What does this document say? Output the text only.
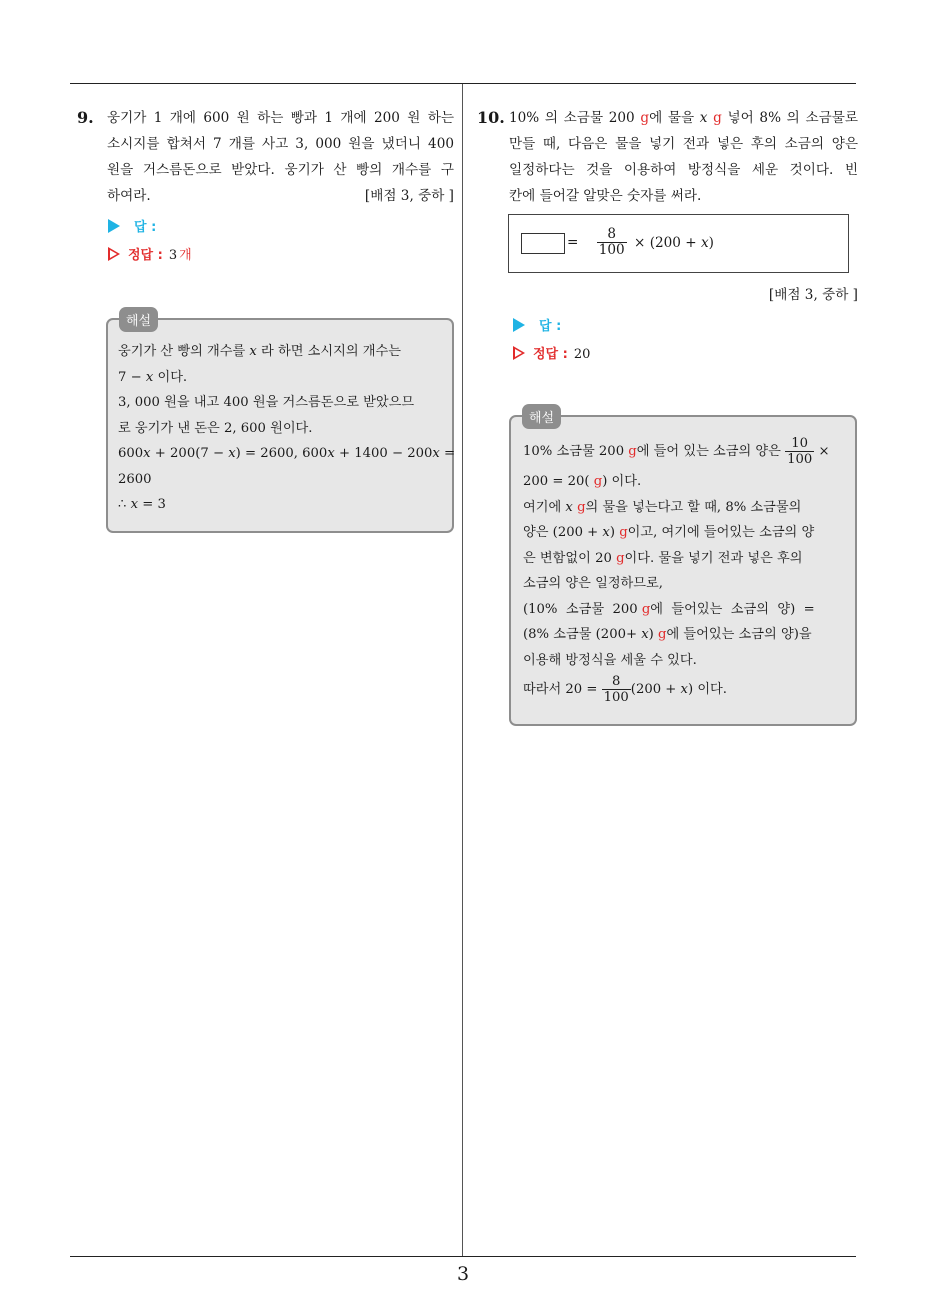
3
9. 웅기가 1 개에 600 원 하는 빵과 1 개에 200 원 하는
소시지를 합쳐서 7 개를 사고 3, 000 원을 냈더니 400
원을 거스름돈으로 받았다. 웅기가 산 빵의 개수를 구
하여라.	[배점 3, 중하 ]
답 :
정답 : 3 개
해설
웅기가 산 빵의 개수를 x 라 하면 소시지의 개수는
7 − x 이다.
3, 000 원을 내고 400 원을 거스름돈으로 받았으므
로 웅기가 낸 돈은 2, 600 원이다.
600x + 200(7 − x) = 2600, 600x + 1400 − 200x =
2600
∴ x = 3
10. 10% 의 소금물 200 g에 물을 x g 넣어 8% 의 소금물로
만들 때, 다음은 물을 넣기 전과 넣은 후의 소금의 양은
일정하다는 것을 이용하여 방정식을 세운 것이다. 빈
칸에 들어갈 알맞은 숫자를 써라.
= $\frac{8}{100} \times (200 + x)$
[배점 3, 중하 ]
답 :
정답 : 20
해설
10% 소금물 200 g에 들어 있는 소금의 양은 $\frac{10}{100}$ ×
200 = 20( g) 이다.
여기에 x g의 물을 넣는다고 할 때, 8% 소금물의
양은 (200 + x) g이고, 여기에 들어있는 소금의 양
은 변함없이 20 g이다. 물을 넣기 전과 넣은 후의
소금의 양은 일정하므로,
(10%  소금물  200 g에  들어있는  소금의  양)  =
(8% 소금물 (200+ x) g에 들어있는 소금의 양)을
이용해 방정식을 세울 수 있다.
따라서 $20 = \frac{8}{100} (200 + x)$ 이다.
